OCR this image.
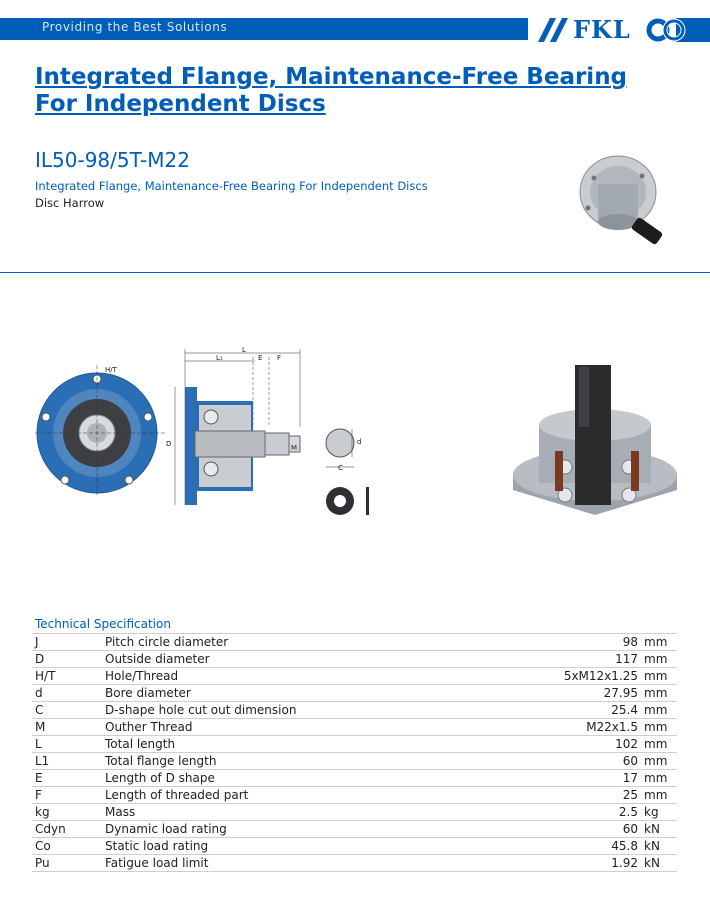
Providing the Best Solutions	FKL
Integrated Flange, Maintenance-Free Bearing For Independent Discs
IL50-98/5T-M22
Integrated Flange, Maintenance-Free Bearing For Independent Discs
Disc Harrow
H/T
L
L₁	E F
D	M
C
d
Technical Specification
J	Pitch circle diameter	98	mm
D	Outside diameter	117	mm
H/T	Hole/Thread	5xM12x1.25	mm
d	Bore diameter	27.95	mm
C	D-shape hole cut out dimension	25.4	mm
M	Outher Thread	M22x1.5	mm
L	Total length	102	mm
L1	Total flange length	60	mm
E	Length of D shape	17	mm
F	Length of threaded part	25	mm
kg	Mass	2.5	kg
Cdyn	Dynamic load rating	60	kN
Co	Static load rating	45.8	kN
Pu	Fatigue load limit	1.92	kN
